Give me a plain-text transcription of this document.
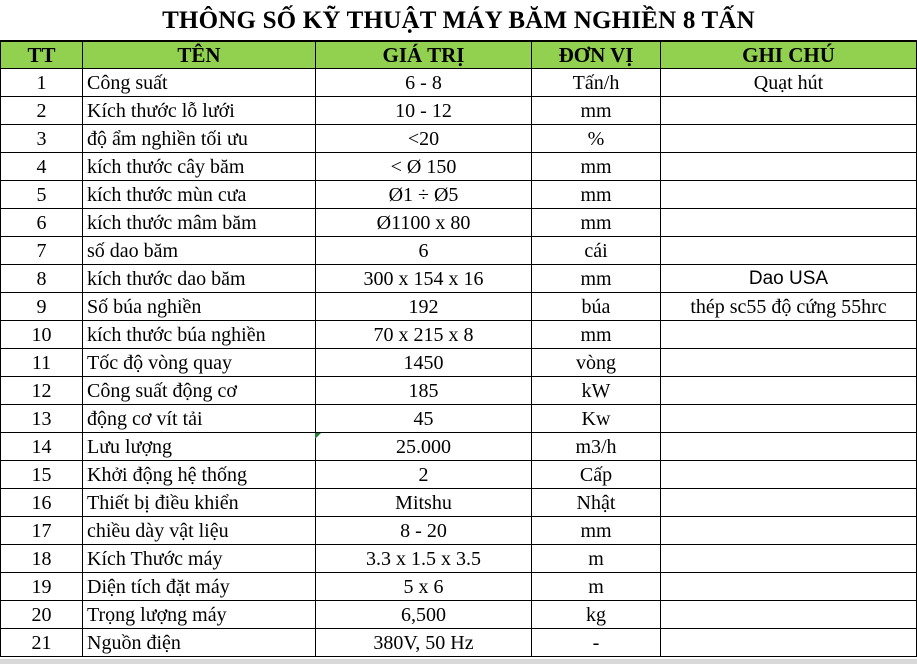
THÔNG SỐ KỸ THUẬT MÁY BĂM NGHIỀN 8 TẤN
TT	TÊN	GIÁ TRỊ	ĐƠN VỊ	GHI CHÚ
1	Công suất	6 - 8	Tấn/h	Quạt hút
2	Kích thước lỗ lưới	10 - 12	mm	
3	độ ẩm nghiền tối ưu	<20	%	
4	kích thước cây băm	< Ø 150	mm	
5	kích thước mùn cưa	Ø1 ÷ Ø5	mm	
6	kích thước mâm băm	Ø1100 x 80	mm	
7	số dao băm	6	cái	
8	kích thước dao băm	300 x 154 x 16	mm	Dao USA
9	Số búa nghiền	192	búa	thép sc55 độ cứng 55hrc
10	kích thước búa nghiền	70 x 215 x 8	mm	
11	Tốc độ vòng quay	1450	vòng	
12	Công suất động cơ	185	kW	
13	động cơ vít tải	45	Kw	
14	Lưu lượng	25.000	m3/h	
15	Khởi động hệ thống	2	Cấp	
16	Thiết bị điều khiển	Mitshu	Nhật	
17	chiều dày vật liệu	8 - 20	mm	
18	Kích Thước máy	3.3 x 1.5 x 3.5	m	
19	Diện tích đặt máy	5 x 6	m	
20	Trọng lượng máy	6,500	kg	
21	Nguồn điện	380V, 50 Hz	-	
